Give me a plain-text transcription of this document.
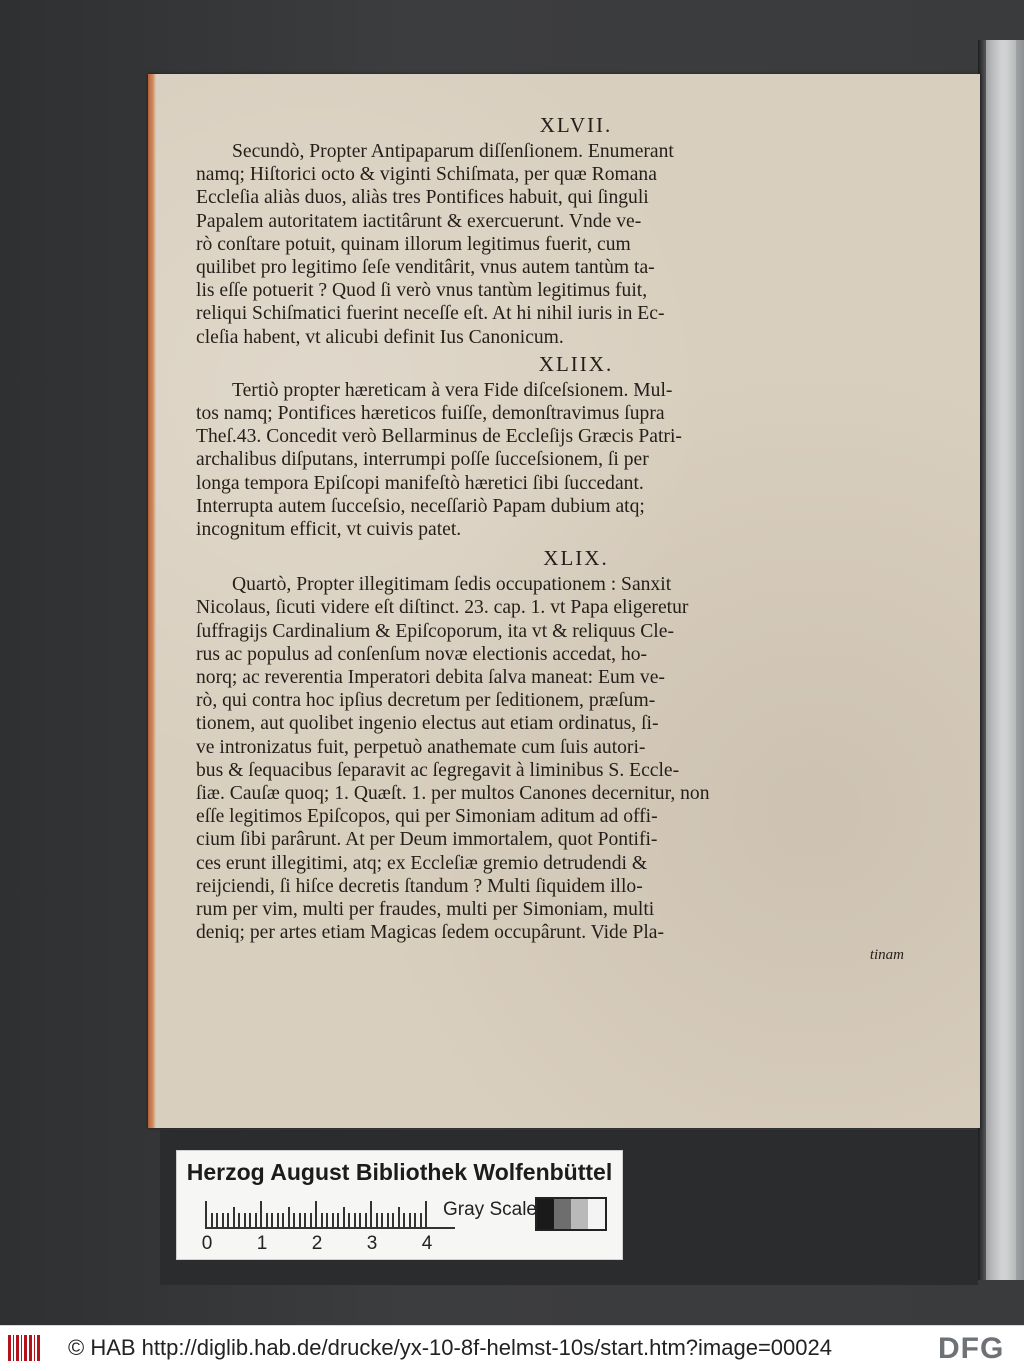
XLVII.
Secundò, Propter Antipaparum diſſenſionem. Enumerant
namq; Hiſtorici octo & viginti Schiſmata, per quæ Romana
Eccleſia aliàs duos, aliàs tres Pontifices habuit, qui ſinguli
Papalem autoritatem iactitârunt & exercuerunt. Vnde ve-
rò conſtare potuit, quinam illorum legitimus fuerit, cum
quilibet pro legitimo ſeſe venditârit, vnus autem tantùm ta-
lis eſſe potuerit ? Quod ſi verò vnus tantùm legitimus fuit,
reliqui Schiſmatici fuerint neceſſe eſt. At hi nihil iuris in Ec-
cleſia habent, vt alicubi definit Ius Canonicum.
XLIIX.
Tertiò propter hæreticam à vera Fide diſceſsionem. Mul-
tos namq; Pontifices hæreticos fuiſſe, demonſtravimus ſupra
Theſ.43. Concedit verò Bellarminus de Eccleſijs Græcis Patri-
archalibus diſputans, interrumpi poſſe ſucceſsionem, ſi per
longa tempora Epiſcopi manifeſtò hæretici ſibi ſuccedant.
Interrupta autem ſucceſsio, neceſſariò Papam dubium atq;
incognitum efficit, vt cuivis patet.
XLIX.
Quartò, Propter illegitimam ſedis occupationem : Sanxit
Nicolaus, ſicuti videre eſt diſtinct. 23. cap. 1. vt Papa eligeretur
ſuffragijs Cardinalium & Epiſcoporum, ita vt & reliquus Cle-
rus ac populus ad conſenſum novæ electionis accedat, ho-
norq; ac reverentia Imperatori debita ſalva maneat: Eum ve-
rò, qui contra hoc ipſius decretum per ſeditionem, præſum-
tionem, aut quolibet ingenio electus aut etiam ordinatus, ſi-
ve intronizatus fuit, perpetuò anathemate cum ſuis autori-
bus & ſequacibus ſeparavit ac ſegregavit à liminibus S. Eccle-
ſiæ. Cauſæ quoq; 1. Quæſt. 1. per multos Canones decernitur, non
eſſe legitimos Epiſcopos, qui per Simoniam aditum ad offi-
cium ſibi parârunt. At per Deum immortalem, quot Pontifi-
ces erunt illegitimi, atq; ex Eccleſiæ gremio detrudendi &
reijciendi, ſi hiſce decretis ſtandum ? Multi ſiquidem illo-
rum per vim, multi per fraudes, multi per Simoniam, multi
deniq; per artes etiam Magicas ſedem occupârunt. Vide Pla-
tinam
Herzog August Bibliothek Wolfenbüttel
0 1 2 3 4
Gray Scale
© HAB http://diglib.hab.de/drucke/yx-10-8f-helmst-10s/start.htm?image=00024	DFG
